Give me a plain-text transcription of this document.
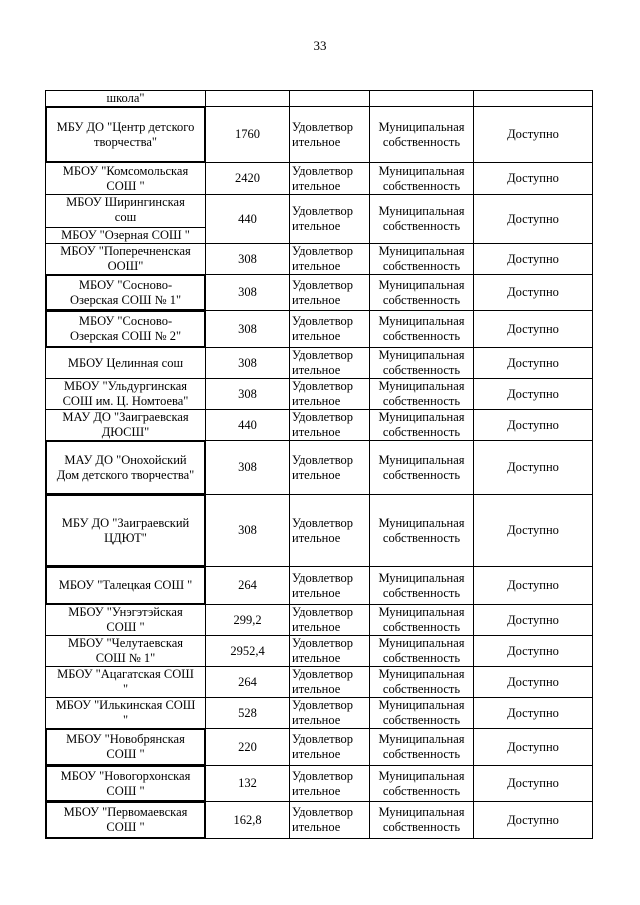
33
школа"				

МБУ ДО "Центр детского
творчества"	1760	Удовлетвор
ительное	Муниципальная
собственность	Доступно

МБОУ "Комсомольская
СОШ "	2420	Удовлетвор
ительное	Муниципальная
собственность	Доступно

МБОУ Ширингинская
сош
МБОУ "Озерная СОШ "	440	Удовлетвор
ительное	Муниципальная
собственность	Доступно

МБОУ "Поперечненская
ООШ"	308	Удовлетвор
ительное	Муниципальная
собственность	Доступно

МБОУ "Сосново-
Озерская СОШ № 1"	308	Удовлетвор
ительное	Муниципальная
собственность	Доступно

МБОУ "Сосново-
Озерская СОШ № 2"	308	Удовлетвор
ительное	Муниципальная
собственность	Доступно

МБОУ Целинная сош	308	Удовлетвор
ительное	Муниципальная
собственность	Доступно

МБОУ "Ульдургинская
СОШ им. Ц. Номтоева"	308	Удовлетвор
ительное	Муниципальная
собственность	Доступно

МАУ ДО "Заиграевская
ДЮСШ"	440	Удовлетвор
ительное	Муниципальная
собственность	Доступно

МАУ ДО "Онохойский
Дом детского творчества"	308	Удовлетвор
ительное	Муниципальная
собственность	Доступно

МБУ ДО "Заиграевский
ЦДЮТ"	308	Удовлетвор
ительное	Муниципальная
собственность	Доступно

МБОУ "Талецкая СОШ "	264	Удовлетвор
ительное	Муниципальная
собственность	Доступно

МБОУ "Унэгэтэйская
СОШ "	299,2	Удовлетвор
ительное	Муниципальная
собственность	Доступно

МБОУ "Челутаевская
СОШ № 1"	2952,4	Удовлетвор
ительное	Муниципальная
собственность	Доступно

МБОУ "Ацагатская СОШ
"	264	Удовлетвор
ительное	Муниципальная
собственность	Доступно

МБОУ "Илькинская СОШ
"	528	Удовлетвор
ительное	Муниципальная
собственность	Доступно

МБОУ "Новобрянская
СОШ "	220	Удовлетвор
ительное	Муниципальная
собственность	Доступно

МБОУ "Новогорхонская
СОШ "	132	Удовлетвор
ительное	Муниципальная
собственность	Доступно

МБОУ "Первомаевская
СОШ "	162,8	Удовлетвор
ительное	Муниципальная
собственность	Доступно
